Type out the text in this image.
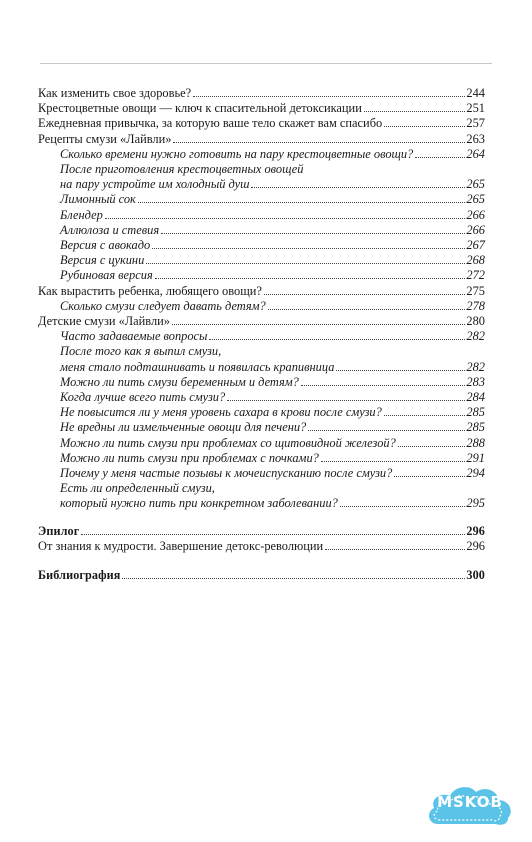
Как изменить свое здоровье?	244
Крестоцветные овощи — ключ к спасительной детоксикации	251
Ежедневная привычка, за которую ваше тело скажет вам спасибо	257
Рецепты смузи «Лайвли»	263
Сколько времени нужно готовить на пару крестоцветные овощи?	264
После приготовления крестоцветных овощей
на пару устройте им холодный душ	265
Лимонный сок	265
Блендер	266
Аллюлоза и стевия	266
Версия с авокадо	267
Версия с цукини	268
Рубиновая версия	272
Как вырастить ребенка, любящего овощи?	275
Сколько смузи следует давать детям?	278
Детские смузи «Лайвли»	280
Часто задаваемые вопросы	282
После того как я выпил смузи,
меня стало подташнивать и появилась крапивница	282
Можно ли пить смузи беременным и детям?	283
Когда лучше всего пить смузи?	284
Не повысится ли у меня уровень сахара в крови после смузи?	285
Не вредны ли измельченные овощи для печени?	285
Можно ли пить смузи при проблемах со щитовидной железой?	288
Можно ли пить смузи при проблемах с почками?	291
Почему у меня частые позывы к мочеиспусканию после смузи?	294
Есть ли определенный смузи,
который нужно пить при конкретном заболевании?	295
Эпилог	296
От знания к мудрости. Завершение детокс-революции	296
Библиография	300
MSKOB
